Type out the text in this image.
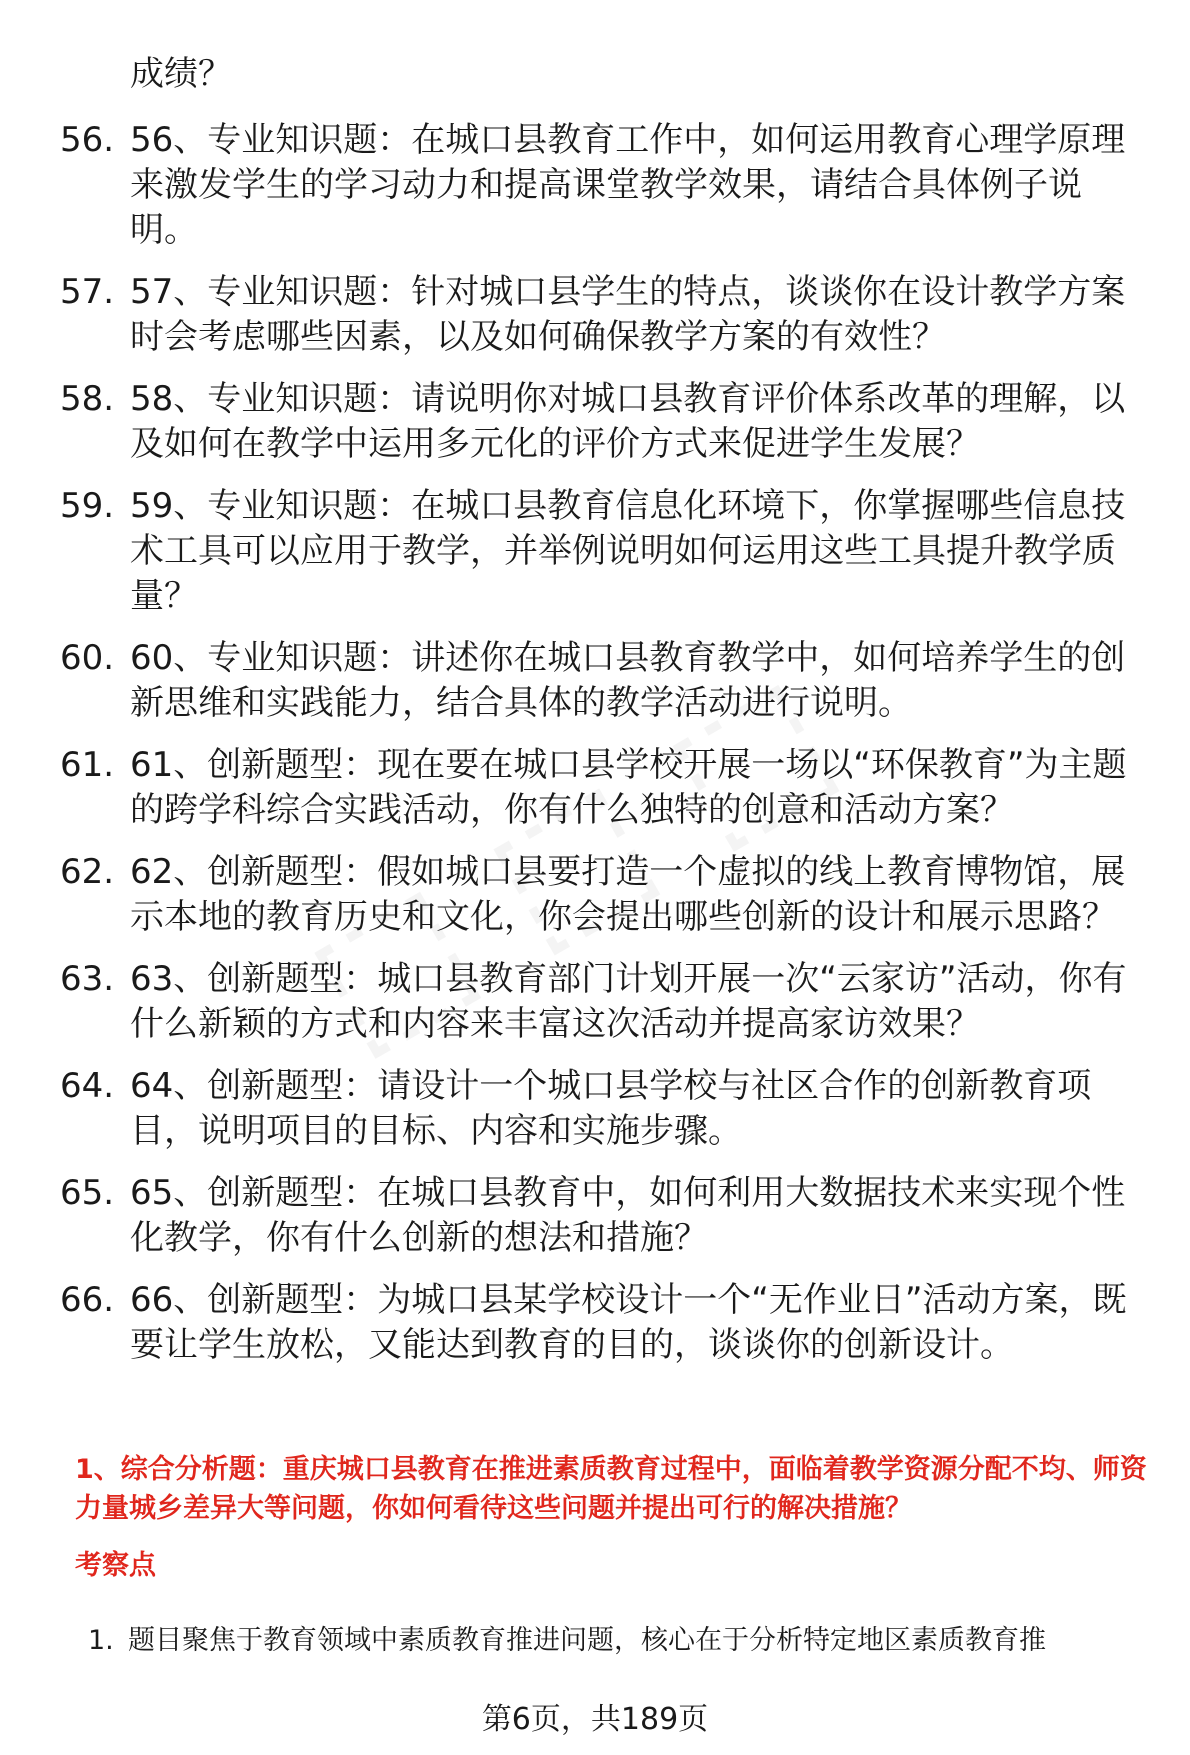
成绩？

56. 56、专业知识题：在城口县教育工作中，如何运用教育心理学原理来激发学生的学习动力和提高课堂教学效果，请结合具体例子说明。
57. 57、专业知识题：针对城口县学生的特点，谈谈你在设计教学方案时会考虑哪些因素，以及如何确保教学方案的有效性？
58. 58、专业知识题：请说明你对城口县教育评价体系改革的理解，以及如何在教学中运用多元化的评价方式来促进学生发展？
59. 59、专业知识题：在城口县教育信息化环境下，你掌握哪些信息技术工具可以应用于教学，并举例说明如何运用这些工具提升教学质量？
60. 60、专业知识题：讲述你在城口县教育教学中，如何培养学生的创新思维和实践能力，结合具体的教学活动进行说明。
61. 61、创新题型：现在要在城口县学校开展一场以“环保教育”为主题的跨学科综合实践活动，你有什么独特的创意和活动方案？
62. 62、创新题型：假如城口县要打造一个虚拟的线上教育博物馆，展示本地的教育历史和文化，你会提出哪些创新的设计和展示思路？
63. 63、创新题型：城口县教育部门计划开展一次“云家访”活动，你有什么新颖的方式和内容来丰富这次活动并提高家访效果？
64. 64、创新题型：请设计一个城口县学校与社区合作的创新教育项目，说明项目的目标、内容和实施步骤。
65. 65、创新题型：在城口县教育中，如何利用大数据技术来实现个性化教学，你有什么创新的想法和措施？
66. 66、创新题型：为城口县某学校设计一个“无作业日”活动方案，既要让学生放松，又能达到教育的目的，谈谈你的创新设计。

1、综合分析题：重庆城口县教育在推进素质教育过程中，面临着教学资源分配不均、师资力量城乡差异大等问题，你如何看待这些问题并提出可行的解决措施？

考察点

1. 题目聚焦于教育领域中素质教育推进问题，核心在于分析特定地区素质教育推
第6页，共189页
